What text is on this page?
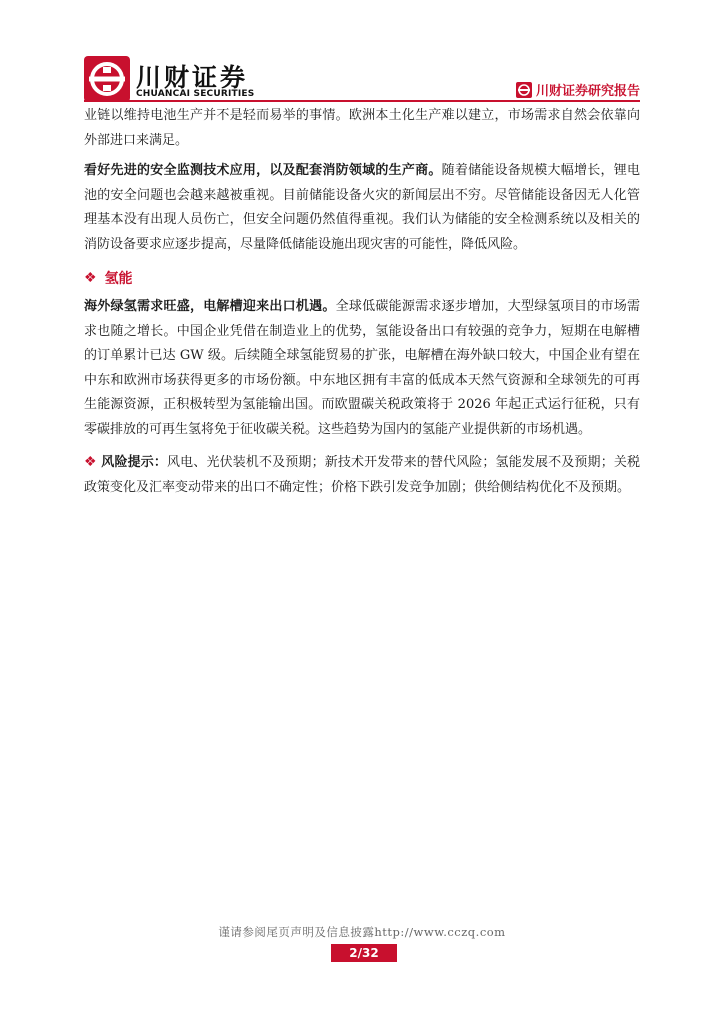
川财证券
CHUANCAI SECURITIES	川财证券研究报告

业链以维持电池生产并不是轻而易举的事情。欧洲本土化生产难以建立，市场需求自然会依靠向外部进口来满足。

看好先进的安全监测技术应用，以及配套消防领域的生产商。随着储能设备规模大幅增长，锂电池的安全问题也会越来越被重视。目前储能设备火灾的新闻层出不穷。尽管储能设备因无人化管理基本没有出现人员伤亡，但安全问题仍然值得重视。我们认为储能的安全检测系统以及相关的消防设备要求应逐步提高，尽量降低储能设施出现灾害的可能性，降低风险。

❖ 氢能

海外绿氢需求旺盛，电解槽迎来出口机遇。全球低碳能源需求逐步增加，大型绿氢项目的市场需求也随之增长。中国企业凭借在制造业上的优势，氢能设备出口有较强的竞争力，短期在电解槽的订单累计已达 GW 级。后续随全球氢能贸易的扩张，电解槽在海外缺口较大，中国企业有望在中东和欧洲市场获得更多的市场份额。中东地区拥有丰富的低成本天然气资源和全球领先的可再生能源资源，正积极转型为氢能输出国。而欧盟碳关税政策将于 2026 年起正式运行征税，只有零碳排放的可再生氢将免于征收碳关税。这些趋势为国内的氢能产业提供新的市场机遇。

❖ 风险提示：风电、光伏装机不及预期；新技术开发带来的替代风险；氢能发展不及预期；关税政策变化及汇率变动带来的出口不确定性；价格下跌引发竞争加剧；供给侧结构优化不及预期。

谨请参阅尾页声明及信息披露http://www.cczq.com
2/32
